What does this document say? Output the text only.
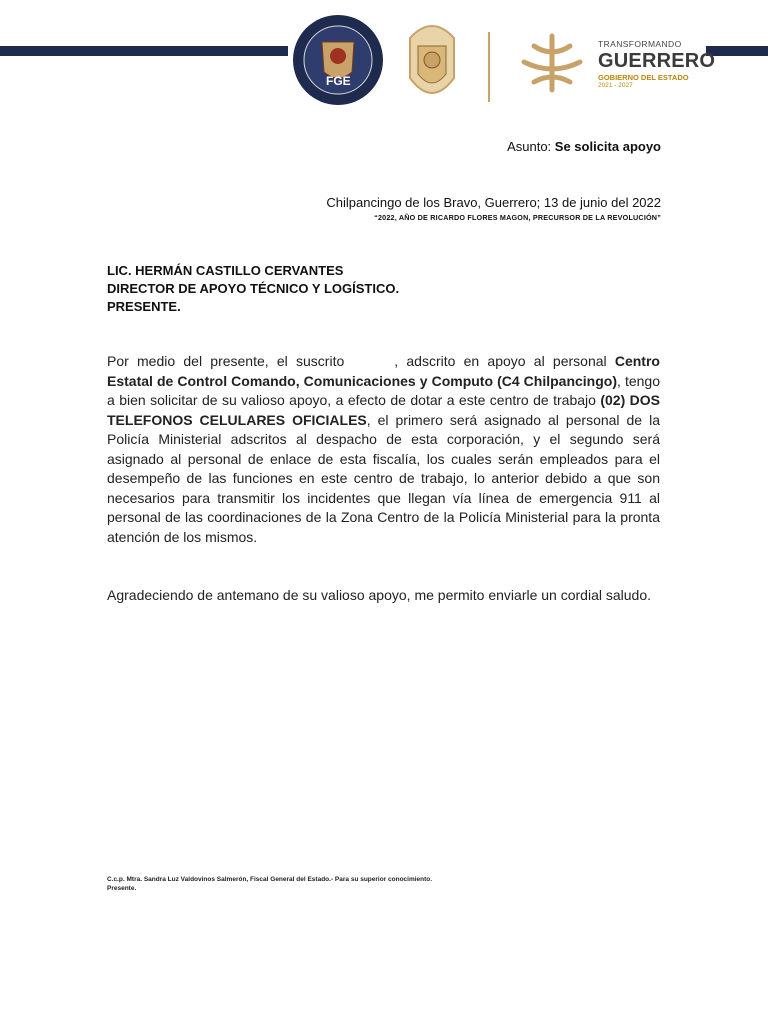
FGE
TRANSFORMANDO
GUERRERO
GOBIERNO DEL ESTADO
2021 - 2027
Asunto: Se solicita apoyo
Chilpancingo de los Bravo, Guerrero; 13 de junio del 2022
“2022, AÑO DE RICARDO FLORES MAGON, PRECURSOR DE LA REVOLUCIÓN”
LIC. HERMÁN CASTILLO CERVANTES
DIRECTOR DE APOYO TÉCNICO Y LOGÍSTICO.
PRESENTE.
Por medio del presente, el suscrito	, adscrito en apoyo al personal Centro Estatal de Control Comando, Comunicaciones y Computo (C4 Chilpancingo), tengo a bien solicitar de su valioso apoyo, a efecto de dotar a este centro de trabajo (02) DOS TELEFONOS CELULARES OFICIALES, el primero será asignado al personal de la Policía Ministerial adscritos al despacho de esta corporación, y el segundo será asignado al personal de enlace de esta fiscalía, los cuales serán empleados para el desempeño de las funciones en este centro de trabajo, lo anterior debido a que son necesarios para transmitir los incidentes que llegan vía línea de emergencia 911 al personal de las coordinaciones de la Zona Centro de la Policía Ministerial para la pronta atención de los mismos.
Agradeciendo de antemano de su valioso apoyo, me permito enviarle un cordial saludo.
C.c.p. Mtra. Sandra Luz Valdovinos Salmerón, Fiscal General del Estado.- Para su superior conocimiento.
Presente.
